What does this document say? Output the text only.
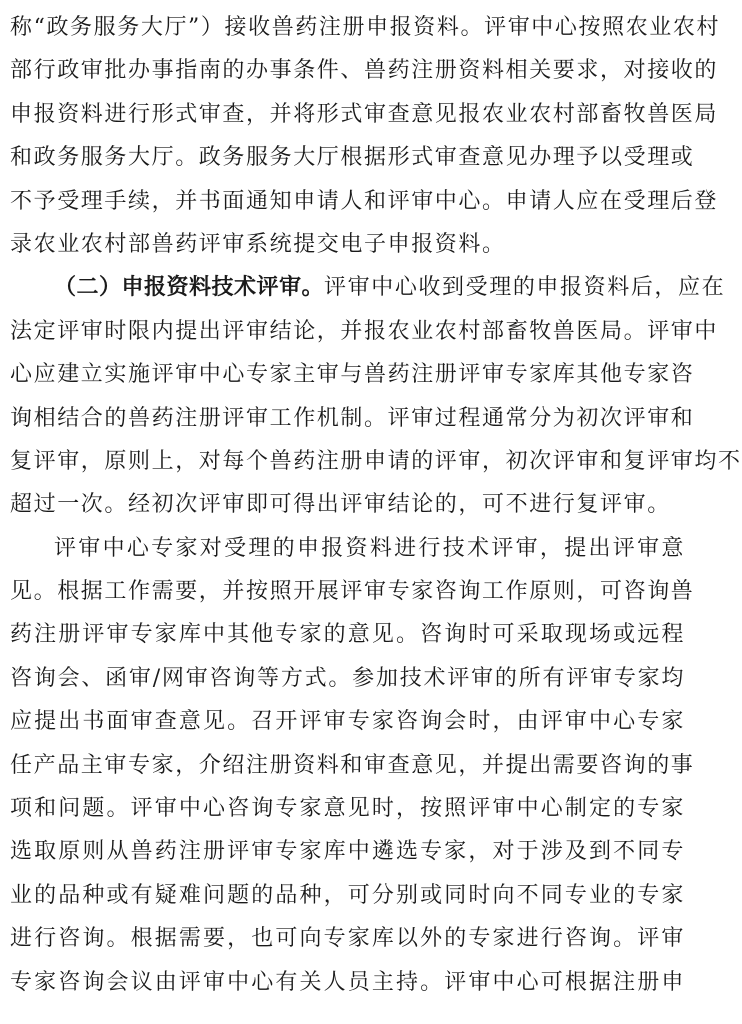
称“政务服务大厅”）接收兽药注册申报资料。评审中心按照农业农村
部行政审批办事指南的办事条件、兽药注册资料相关要求，对接收的
申报资料进行形式审查，并将形式审查意见报农业农村部畜牧兽医局
和政务服务大厅。政务服务大厅根据形式审查意见办理予以受理或
不予受理手续，并书面通知申请人和评审中心。申请人应在受理后登
录农业农村部兽药评审系统提交电子申报资料。
（二）申报资料技术评审。评审中心收到受理的申报资料后，应在
法定评审时限内提出评审结论，并报农业农村部畜牧兽医局。评审中
心应建立实施评审中心专家主审与兽药注册评审专家库其他专家咨
询相结合的兽药注册评审工作机制。评审过程通常分为初次评审和
复评审，原则上，对每个兽药注册申请的评审，初次评审和复评审均不
超过一次。经初次评审即可得出评审结论的，可不进行复评审。
评审中心专家对受理的申报资料进行技术评审，提出评审意
见。根据工作需要，并按照开展评审专家咨询工作原则，可咨询兽
药注册评审专家库中其他专家的意见。咨询时可采取现场或远程
咨询会、函审/网审咨询等方式。参加技术评审的所有评审专家均
应提出书面审查意见。召开评审专家咨询会时，由评审中心专家
任产品主审专家，介绍注册资料和审查意见，并提出需要咨询的事
项和问题。评审中心咨询专家意见时，按照评审中心制定的专家
选取原则从兽药注册评审专家库中遴选专家，对于涉及到不同专
业的品种或有疑难问题的品种，可分别或同时向不同专业的专家
进行咨询。根据需要，也可向专家库以外的专家进行咨询。评审
专家咨询会议由评审中心有关人员主持。评审中心可根据注册申
